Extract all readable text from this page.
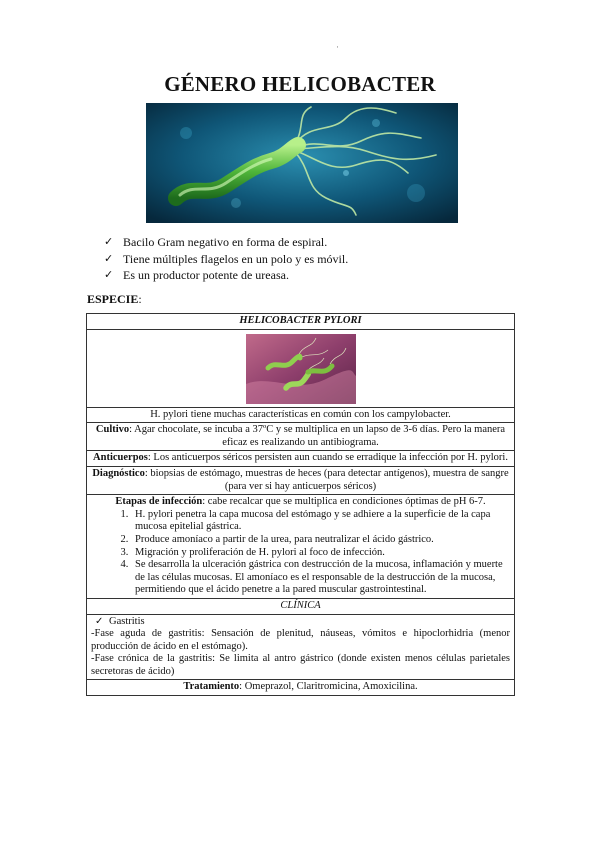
·
GÉNERO HELICOBACTER
✓ Bacilo Gram negativo en forma de espiral.
✓ Tiene múltiples flagelos en un polo y es móvil.
✓ Es un productor potente de ureasa.
ESPECIE:
HELICOBACTER PYLORI

H. pylori tiene muchas características en común con los campylobacter.
Cultivo: Agar chocolate, se incuba a 37ºC y se multiplica en un lapso de 3-6 días. Pero la manera eficaz es realizando un antibiograma.
Anticuerpos: Los anticuerpos séricos persisten aun cuando se erradique la infección por H. pylori.
Diagnóstico: biopsias de estómago, muestras de heces (para detectar antígenos), muestra de sangre (para ver si hay anticuerpos séricos)

Etapas de infección: cabe recalcar que se multiplica en condiciones óptimas de pH 6-7.
1. H. pylori penetra la capa mucosa del estómago y se adhiere a la superficie de la capa mucosa epitelial gástrica.
2. Produce amoníaco a partir de la urea, para neutralizar el ácido gástrico.
3. Migración y proliferación de H. pylori al foco de infección.
4. Se desarrolla la ulceración gástrica con destrucción de la mucosa, inflamación y muerte de las células mucosas. El amoníaco es el responsable de la destrucción de la mucosa, permitiendo que el ácido penetre a la pared muscular gastrointestinal.

CLÍNICA

✓ Gastritis
-Fase aguda de gastritis: Sensación de plenitud, náuseas, vómitos e hipoclorhidria (menor producción de ácido en el estómago).
-Fase crónica de la gastritis: Se limita al antro gástrico (donde existen menos células parietales secretoras de ácido)

Tratamiento: Omeprazol, Claritromicina, Amoxicilina.
